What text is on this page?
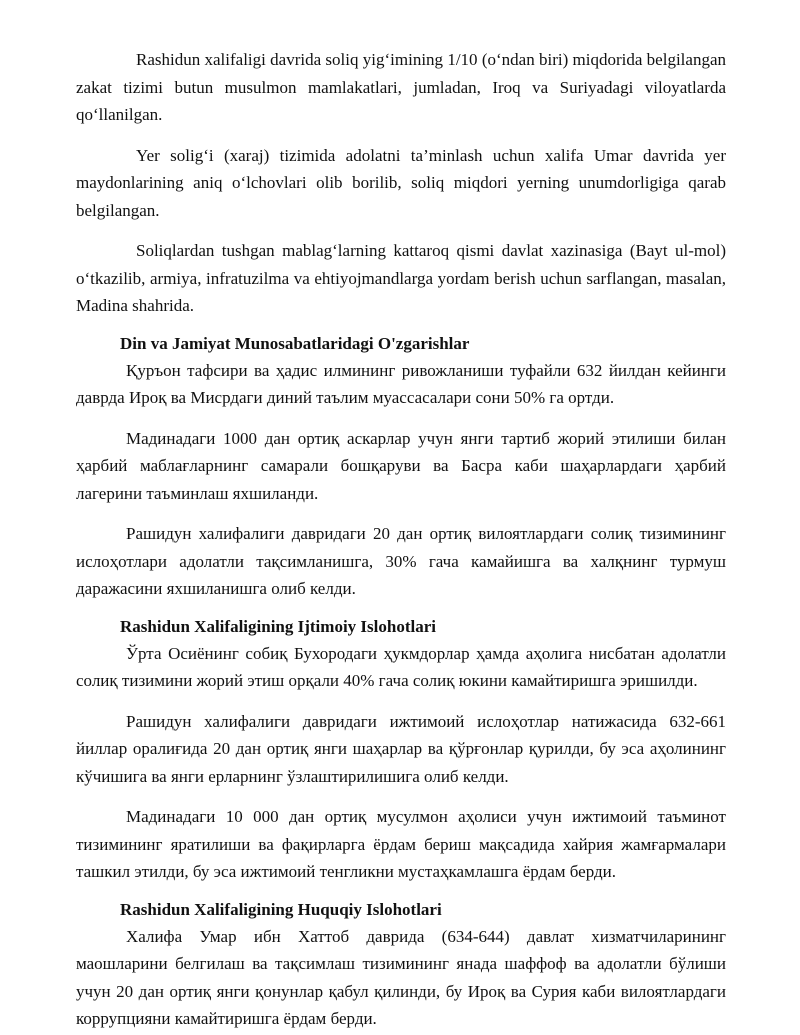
Rashidun xalifaligi davrida soliq yig‘imining 1/10 (o‘ndan biri) miqdorida belgilangan zakat tizimi butun musulmon mamlakatlari, jumladan, Iroq va Suriyadagi viloyatlarda qo‘llanilgan.

Yer solig‘i (xaraj) tizimida adolatni ta’minlash uchun xalifa Umar davrida yer maydonlarining aniq o‘lchovlari olib borilib, soliq miqdori yerning unumdorligiga qarab belgilangan.

Soliqlardan tushgan mablag‘larning kattaroq qismi davlat xazinasiga (Bayt ul-mol) o‘tkazilib, armiya, infratuzilma va ehtiyojmandlarga yordam berish uchun sarflangan, masalan, Madina shahrida.

Din va Jamiyat Munosabatlaridagi O'zgarishlar

Қуръон тафсири ва ҳадис илмининг ривожланиши туфайли 632 йилдан кейинги даврда Ироқ ва Мисрдаги диний таълим муассасалари сони 50% га ортди.

Мадинадаги 1000 дан ортиқ аскарлар учун янги тартиб жорий этилиши билан ҳарбий маблағларнинг самарали бошқаруви ва Басра каби шаҳарлардаги ҳарбий лагерини таъминлаш яхшиланди.

Рашидун халифалиги давридаги 20 дан ортиқ вилоятлардаги солиқ тизимининг ислоҳотлари адолатли тақсимланишга, 30% гача камайишга ва халқнинг турмуш даражасини яхшиланишга олиб келди.

Rashidun Xalifaligining Ijtimoiy Islohotlari

Ўрта Осиёнинг собиқ Бухородаги ҳукмдорлар ҳамда аҳолига нисбатан адолатли солиқ тизимини жорий этиш орқали 40% гача солиқ юкини камайтиришга эришилди.

Рашидун халифалиги давридаги ижтимоий ислоҳотлар натижасида 632-661 йиллар оралиғида 20 дан ортиқ янги шаҳарлар ва қўрғонлар қурилди, бу эса аҳолининг кўчишига ва янги ерларнинг ўзлаштирилишига олиб келди.

Мадинадаги 10 000 дан ортиқ мусулмон аҳолиси учун ижтимоий таъминот тизимининг яратилиши ва фақирларга ёрдам бериш мақсадида хайрия жамғармалари ташкил этилди, бу эса ижтимоий тенгликни мустаҳкамлашга ёрдам берди.

Rashidun Xalifaligining Huquqiy Islohotlari

Халифа Умар ибн Хаттоб даврида (634-644) давлат хизматчиларининг маошларини белгилаш ва тақсимлаш тизимининг янада шаффоф ва адолатли бўлиши учун 20 дан ортиқ янги қонунлар қабул қилинди, бу Ироқ ва Сурия каби вилоятлардаги коррупцияни камайтиришга ёрдам берди.
